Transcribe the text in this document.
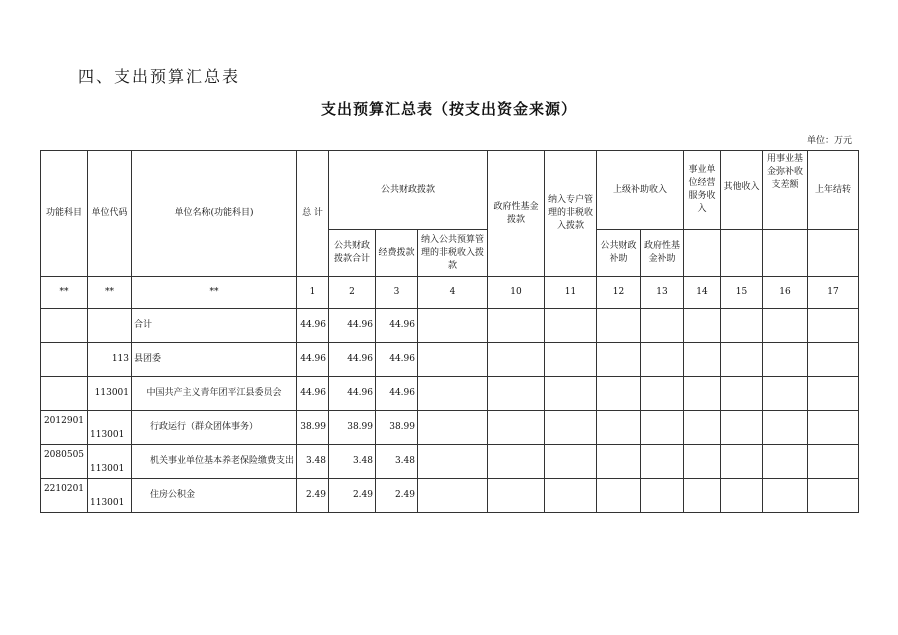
四、支出预算汇总表
支出预算汇总表（按支出资金来源）
单位：万元
功能科目	单位代码	单位名称(功能科目)	总 计	公共财政拨款			政府性基金拨款	纳入专户管理的非税收入拨款	上级补助收入		事业单位经营服务收入	其他收入	用事业基金弥补收支差额	上年结转
				公共财政拨款合计	经费拨款	纳入公共预算管理的非税收入拨款			公共财政补助	政府性基金补助				
**	**	**	1	2	3	4	10	11	12	13	14	15	16	17
		合计	44.96	44.96	44.96									
	113	县团委	44.96	44.96	44.96									
	113001	中国共产主义青年团平江县委员会	44.96	44.96	44.96									
2012901	113001	行政运行（群众团体事务）	38.99	38.99	38.99									
2080505	113001	机关事业单位基本养老保险缴费支出	3.48	3.48	3.48									
2210201	113001	住房公积金	2.49	2.49	2.49									
